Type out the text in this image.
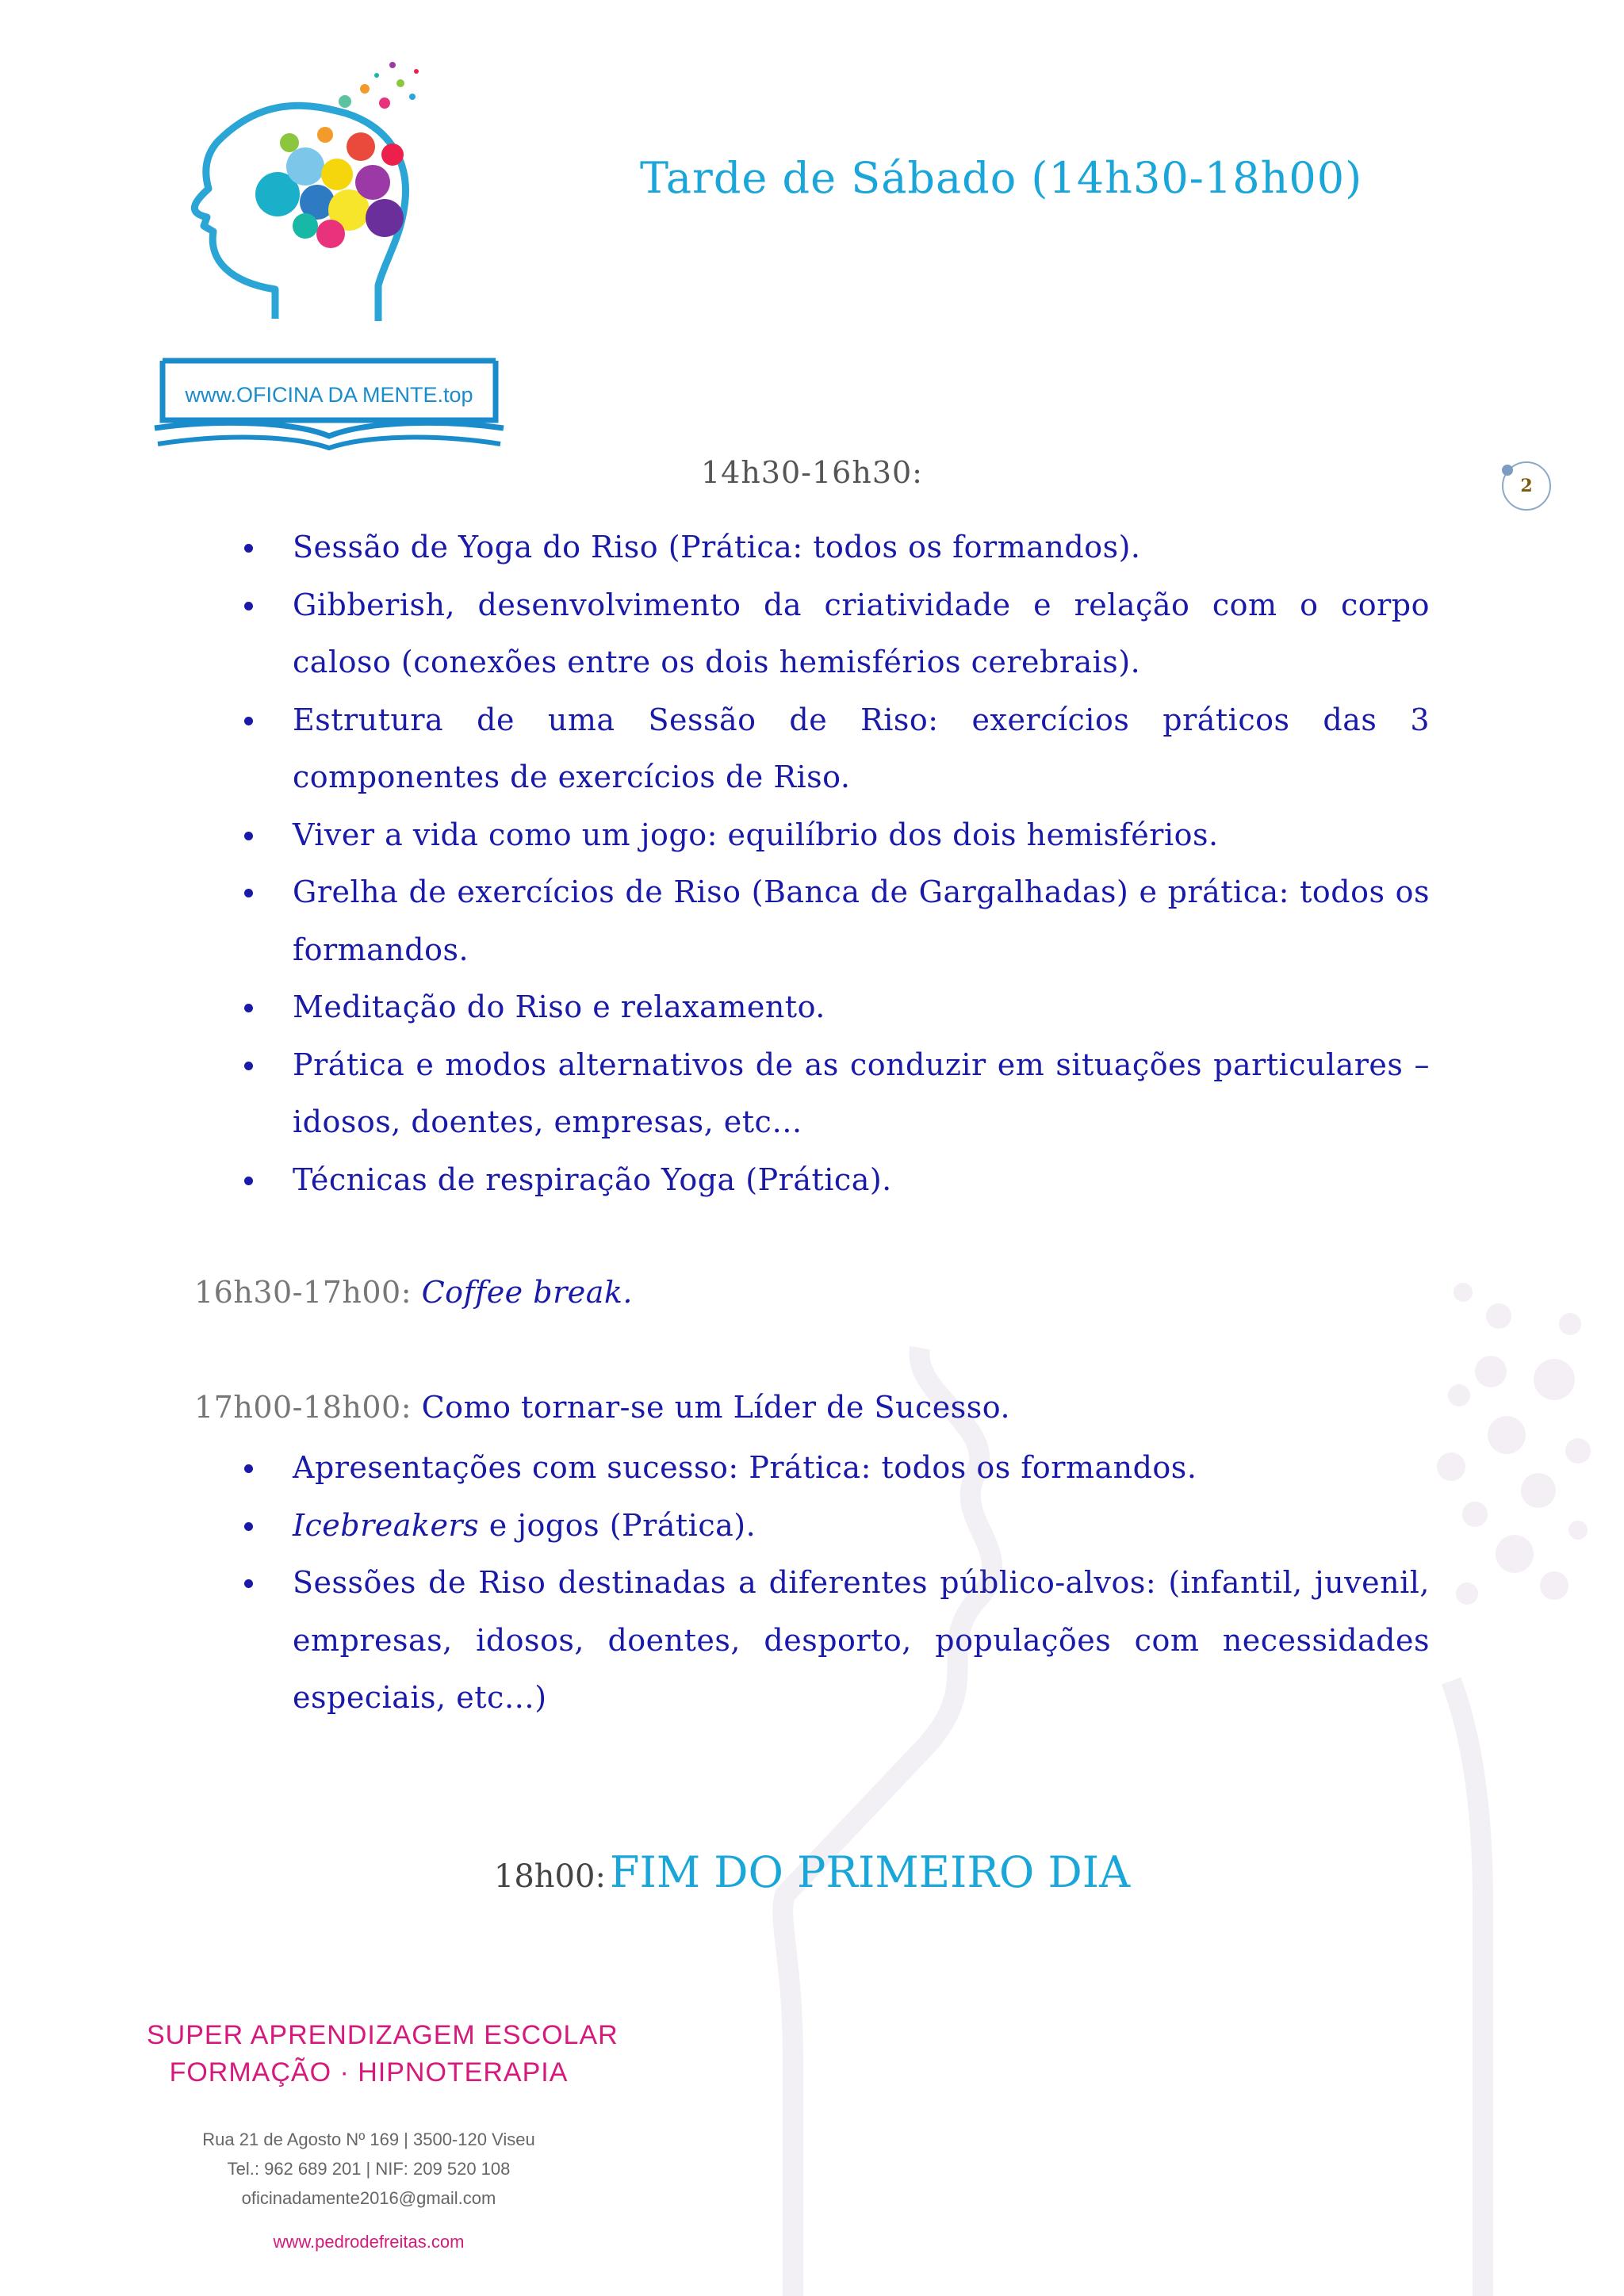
www.OFICINA DA MENTE.top
Tarde de Sábado (14h30-18h00)
2
14h30-16h30:
Sessão de Yoga do Riso (Prática: todos os formandos).
Gibberish, desenvolvimento da criatividade e relação com o corpo caloso (conexões entre os dois hemisférios cerebrais).
Estrutura de uma Sessão de Riso: exercícios práticos das 3 componentes de exercícios de Riso.
Viver a vida como um jogo: equilíbrio dos dois hemisférios.
Grelha de exercícios de Riso (Banca de Gargalhadas) e prática: todos os formandos.
Meditação do Riso e relaxamento.
Prática e modos alternativos de as conduzir em situações particulares – idosos, doentes, empresas, etc…
Técnicas de respiração Yoga (Prática).
16h30-17h00: Coffee break.
17h00-18h00: Como tornar-se um Líder de Sucesso.
Apresentações com sucesso: Prática: todos os formandos.
Icebreakers e jogos (Prática).
Sessões de Riso destinadas a diferentes público-alvos: (infantil, juvenil, empresas, idosos, doentes, desporto, populações com necessidades especiais, etc…)
18h00: FIM DO PRIMEIRO DIA
SUPER APRENDIZAGEM ESCOLAR
FORMAÇÃO · HIPNOTERAPIA
Rua 21 de Agosto Nº 169 | 3500-120 Viseu
Tel.: 962 689 201 | NIF: 209 520 108
oficinadamente2016@gmail.com
www.pedrodefreitas.com
